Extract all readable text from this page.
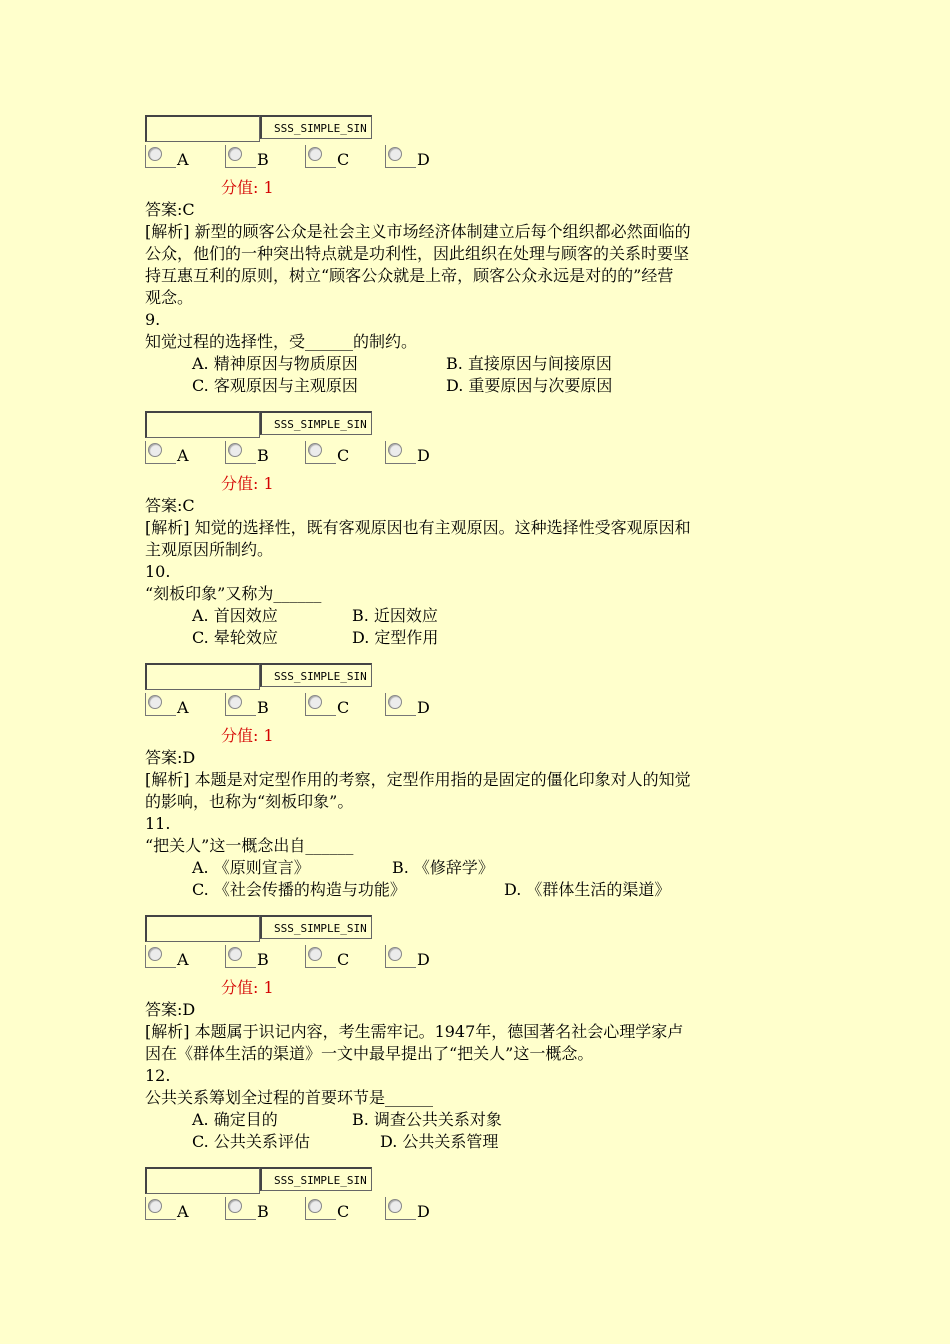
SSS_SIMPLE_SIN
A	B	C	D
分值: 1
答案:C
[解析] 新型的顾客公众是社会主义市场经济体制建立后每个组织都必然面临的
公众，他们的一种突出特点就是功利性，因此组织在处理与顾客的关系时要坚
持互惠互利的原则，树立“顾客公众就是上帝，顾客公众永远是对的的”经营
观念。
9.
知觉过程的选择性，受______的制约。
A. 精神原因与物质原因	B. 直接原因与间接原因
C. 客观原因与主观原因	D. 重要原因与次要原因
SSS_SIMPLE_SIN
A	B	C	D
分值: 1
答案:C
[解析] 知觉的选择性，既有客观原因也有主观原因。这种选择性受客观原因和
主观原因所制约。
10.
“刻板印象”又称为______
A. 首因效应	B. 近因效应
C. 晕轮效应	D. 定型作用
SSS_SIMPLE_SIN
A	B	C	D
分值: 1
答案:D
[解析] 本题是对定型作用的考察，定型作用指的是固定的僵化印象对人的知觉
的影响，也称为“刻板印象”。
11.
“把关人”这一概念出自______
A. 《原则宣言》	B. 《修辞学》
C. 《社会传播的构造与功能》	D. 《群体生活的渠道》
SSS_SIMPLE_SIN
A	B	C	D
分值: 1
答案:D
[解析] 本题属于识记内容，考生需牢记。1947年，德国著名社会心理学家卢
因在《群体生活的渠道》一文中最早提出了“把关人”这一概念。
12.
公共关系筹划全过程的首要环节是______
A. 确定目的	B. 调查公共关系对象
C. 公共关系评估	D. 公共关系管理
SSS_SIMPLE_SIN
A	B	C	D
